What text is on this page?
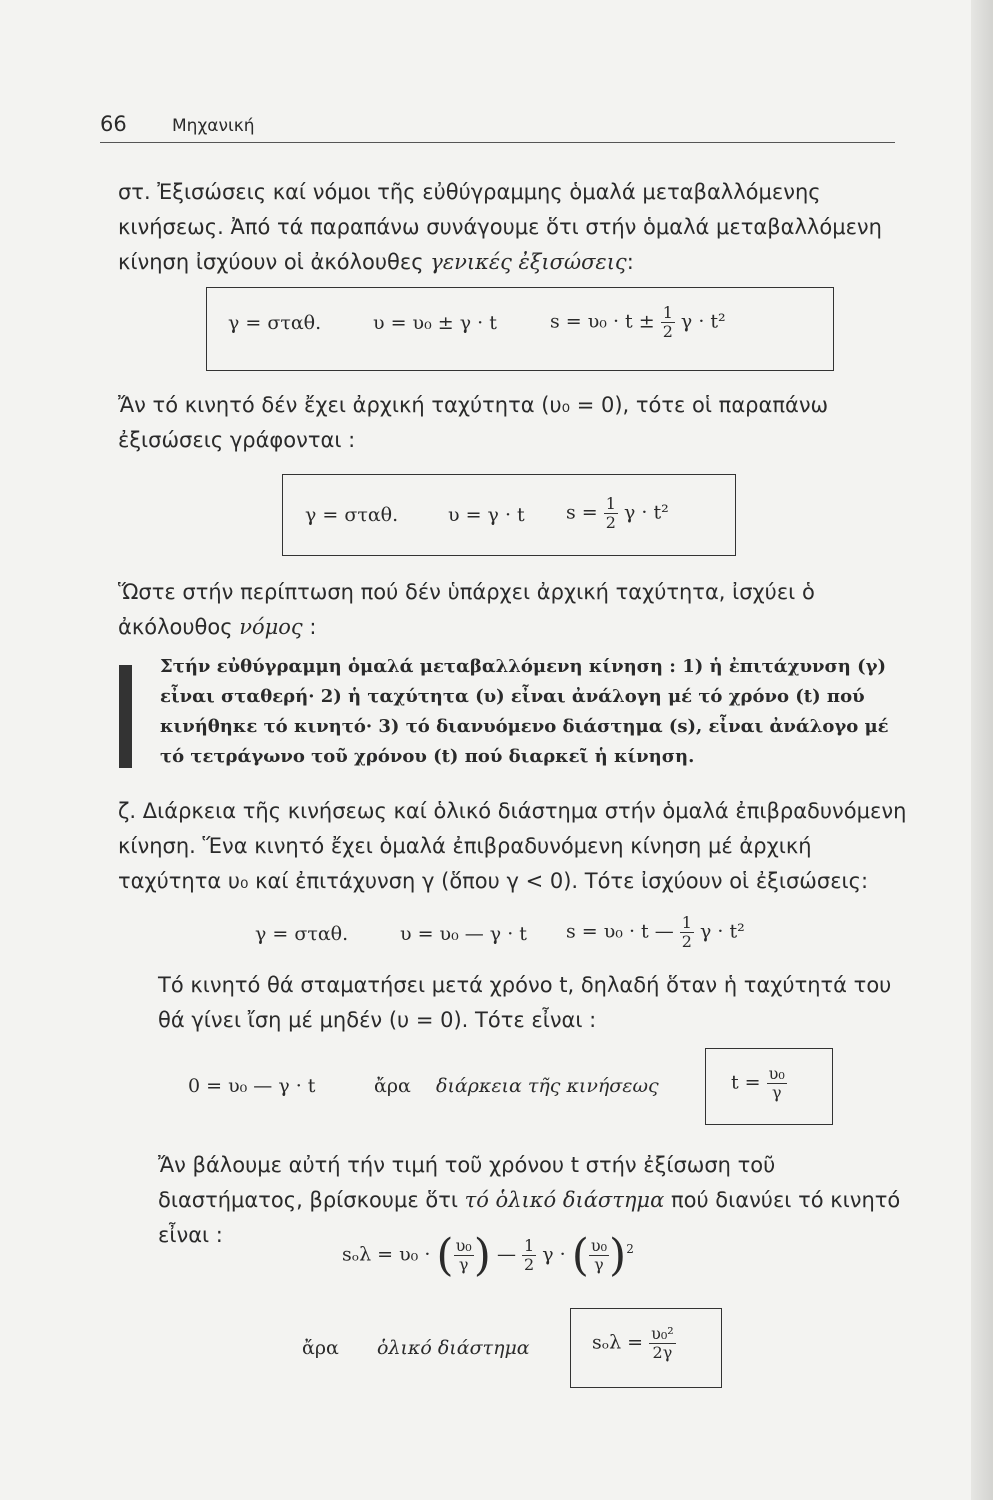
66	Μηχανική

στ. Ἐξισώσεις καί νόμοι τῆς εὐθύγραμμης ὁμαλά μεταβαλλόμενης κινήσεως. Ἀπό τά παραπάνω συνάγουμε ὅτι στήν ὁμαλά μεταβαλλόμενη κίνηση ἰσχύουν οἱ ἀκόλουθες γενικές ἐξισώσεις:

γ = σταθ.	υ = υ₀ ± γ · t	$s = \upsilon_0 \cdot t \pm \frac{1}{2}$ γ · t²

Ἄν τό κινητό δέν ἔχει ἀρχική ταχύτητα (υ₀ = 0), τότε οἱ παραπάνω ἐξισώσεις γράφονται :

γ = σταθ.	υ = γ · t $s = \frac{1}{2}$ γ · t²

Ὥστε στήν περίπτωση πού δέν ὑπάρχει ἀρχική ταχύτητα, ἰσχύει ὁ ἀκόλουθος νόμος :

Στήν εὐθύγραμμη ὁμαλά μεταβαλλόμενη κίνηση : 1) ἡ ἐπιτάχυνση (γ) εἶναι σταθερή· 2) ἡ ταχύτητα (υ) εἶναι ἀνάλογη μέ τό χρόνο (t) πού κινήθηκε τό κινητό· 3) τό διανυόμενο διάστημα (s), εἶναι ἀνάλογο μέ τό τετράγωνο τοῦ χρόνου (t) πού διαρκεῖ ἡ κίνηση.

ζ. Διάρκεια τῆς κινήσεως καί ὁλικό διάστημα στήν ὁμαλά ἐπιβραδυνόμενη κίνηση. Ἕνα κινητό ἔχει ὁμαλά ἐπιβραδυνόμενη κίνηση μέ ἀρχική ταχύτητα υ₀ καί ἐπιτάχυνση γ (ὅπου γ < 0). Τότε ἰσχύουν οἱ ἐξισώσεις:

γ = σταθ.	υ = υ₀ — γ · t s = υ₀ · t — $\frac{1}{2}$ γ · t²

Τό κινητό θά σταματήσει μετά χρόνο t, δηλαδή ὅταν ἡ ταχύτητά του θά γίνει ἴση μέ μηδέν (υ = 0). Τότε εἶναι :

0 = υ₀ — γ · t	ἄρα διάρκεια τῆς κινήσεως	$t = \frac{\text{υ₀}}{\gamma}$

Ἄν βάλουμε αὐτή τήν τιμή τοῦ χρόνου t στήν ἐξίσωση τοῦ διαστήματος, βρίσκουμε ὅτι τό ὁλικό διάστημα πού διανύει τό κινητό εἶναι :

sₒλ = υ₀ · ( $\frac{\text{υ₀}}{\gamma}$ ) — $\frac{1}{2}$ γ · ( $\frac{\text{υ₀}}{\gamma} )^2$
ἄρα ὁλικό διάστημα	$s_o\lambda = \frac{\text{υ₀²}}{2\gamma}$
